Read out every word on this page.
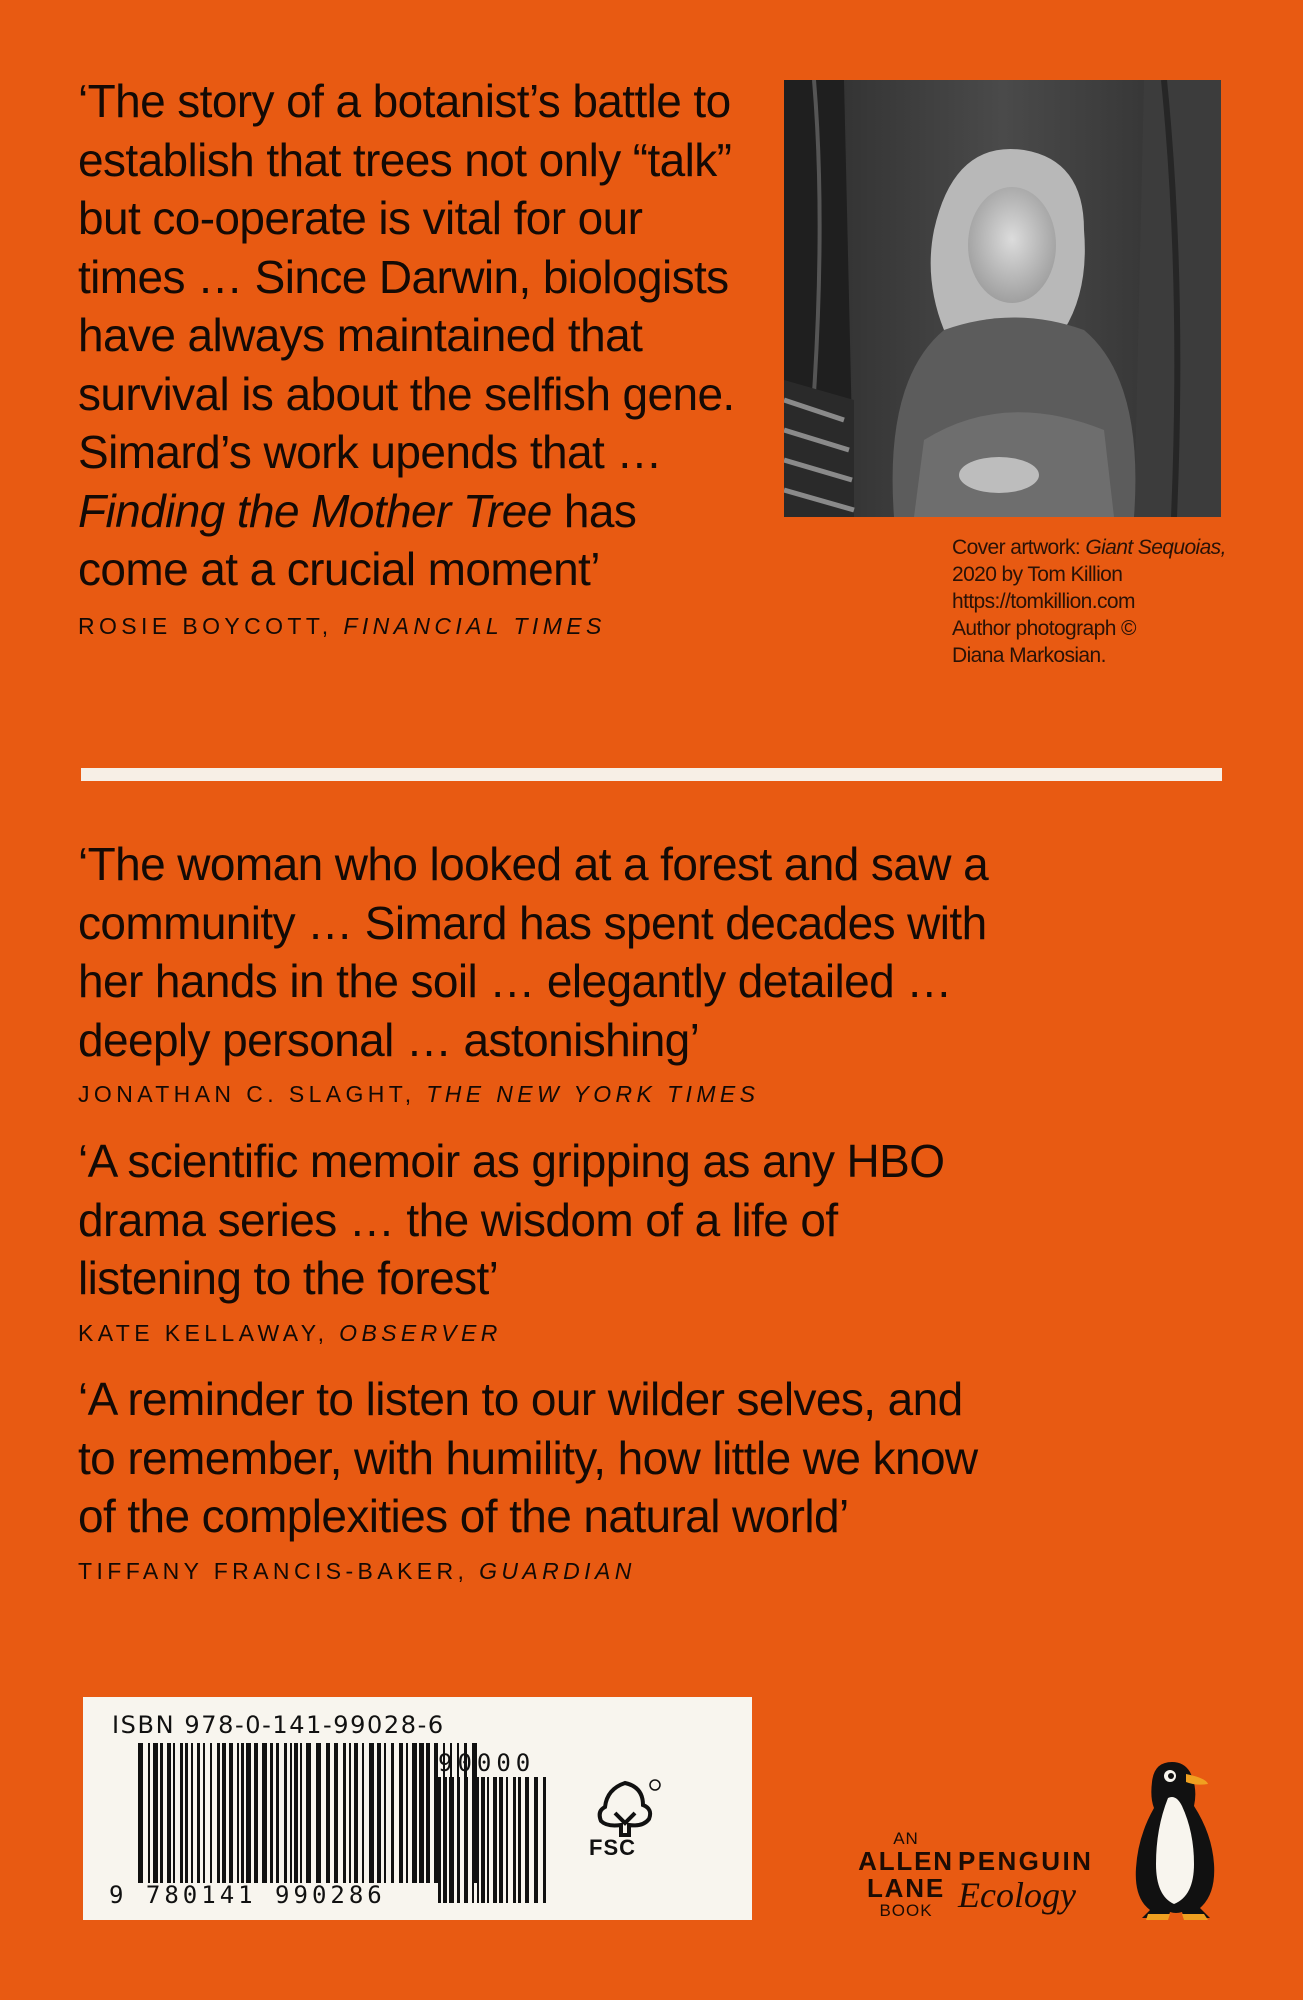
‘The story of a botanist’s battle to
establish that trees not only “talk”
but co-operate is vital for our
times … Since Darwin, biologists
have always maintained that
survival is about the selfish gene.
Simard’s work upends that …
Finding the Mother Tree has
come at a crucial moment’
ROSIE BOYCOTT, FINANCIAL TIMES
Cover artwork: Giant Sequoias,
2020 by Tom Killion
https://tomkillion.com
Author photograph ©
Diana Markosian.
‘The woman who looked at a forest and saw a
community … Simard has spent decades with
her hands in the soil … elegantly detailed …
deeply personal … astonishing’
JONATHAN C. SLAGHT, THE NEW YORK TIMES
‘A scientific memoir as gripping as any HBO
drama series … the wisdom of a life of
listening to the forest’
KATE KELLAWAY, OBSERVER
‘A reminder to listen to our wilder selves, and
to remember, with humility, how little we know
of the complexities of the natural world’
TIFFANY FRANCIS-BAKER, GUARDIAN
ISBN 978-0-141-99028-6
9 780141 990286
90000
FSC	AN
ALLEN
LANE
BOOK
PENGUIN
Ecology
